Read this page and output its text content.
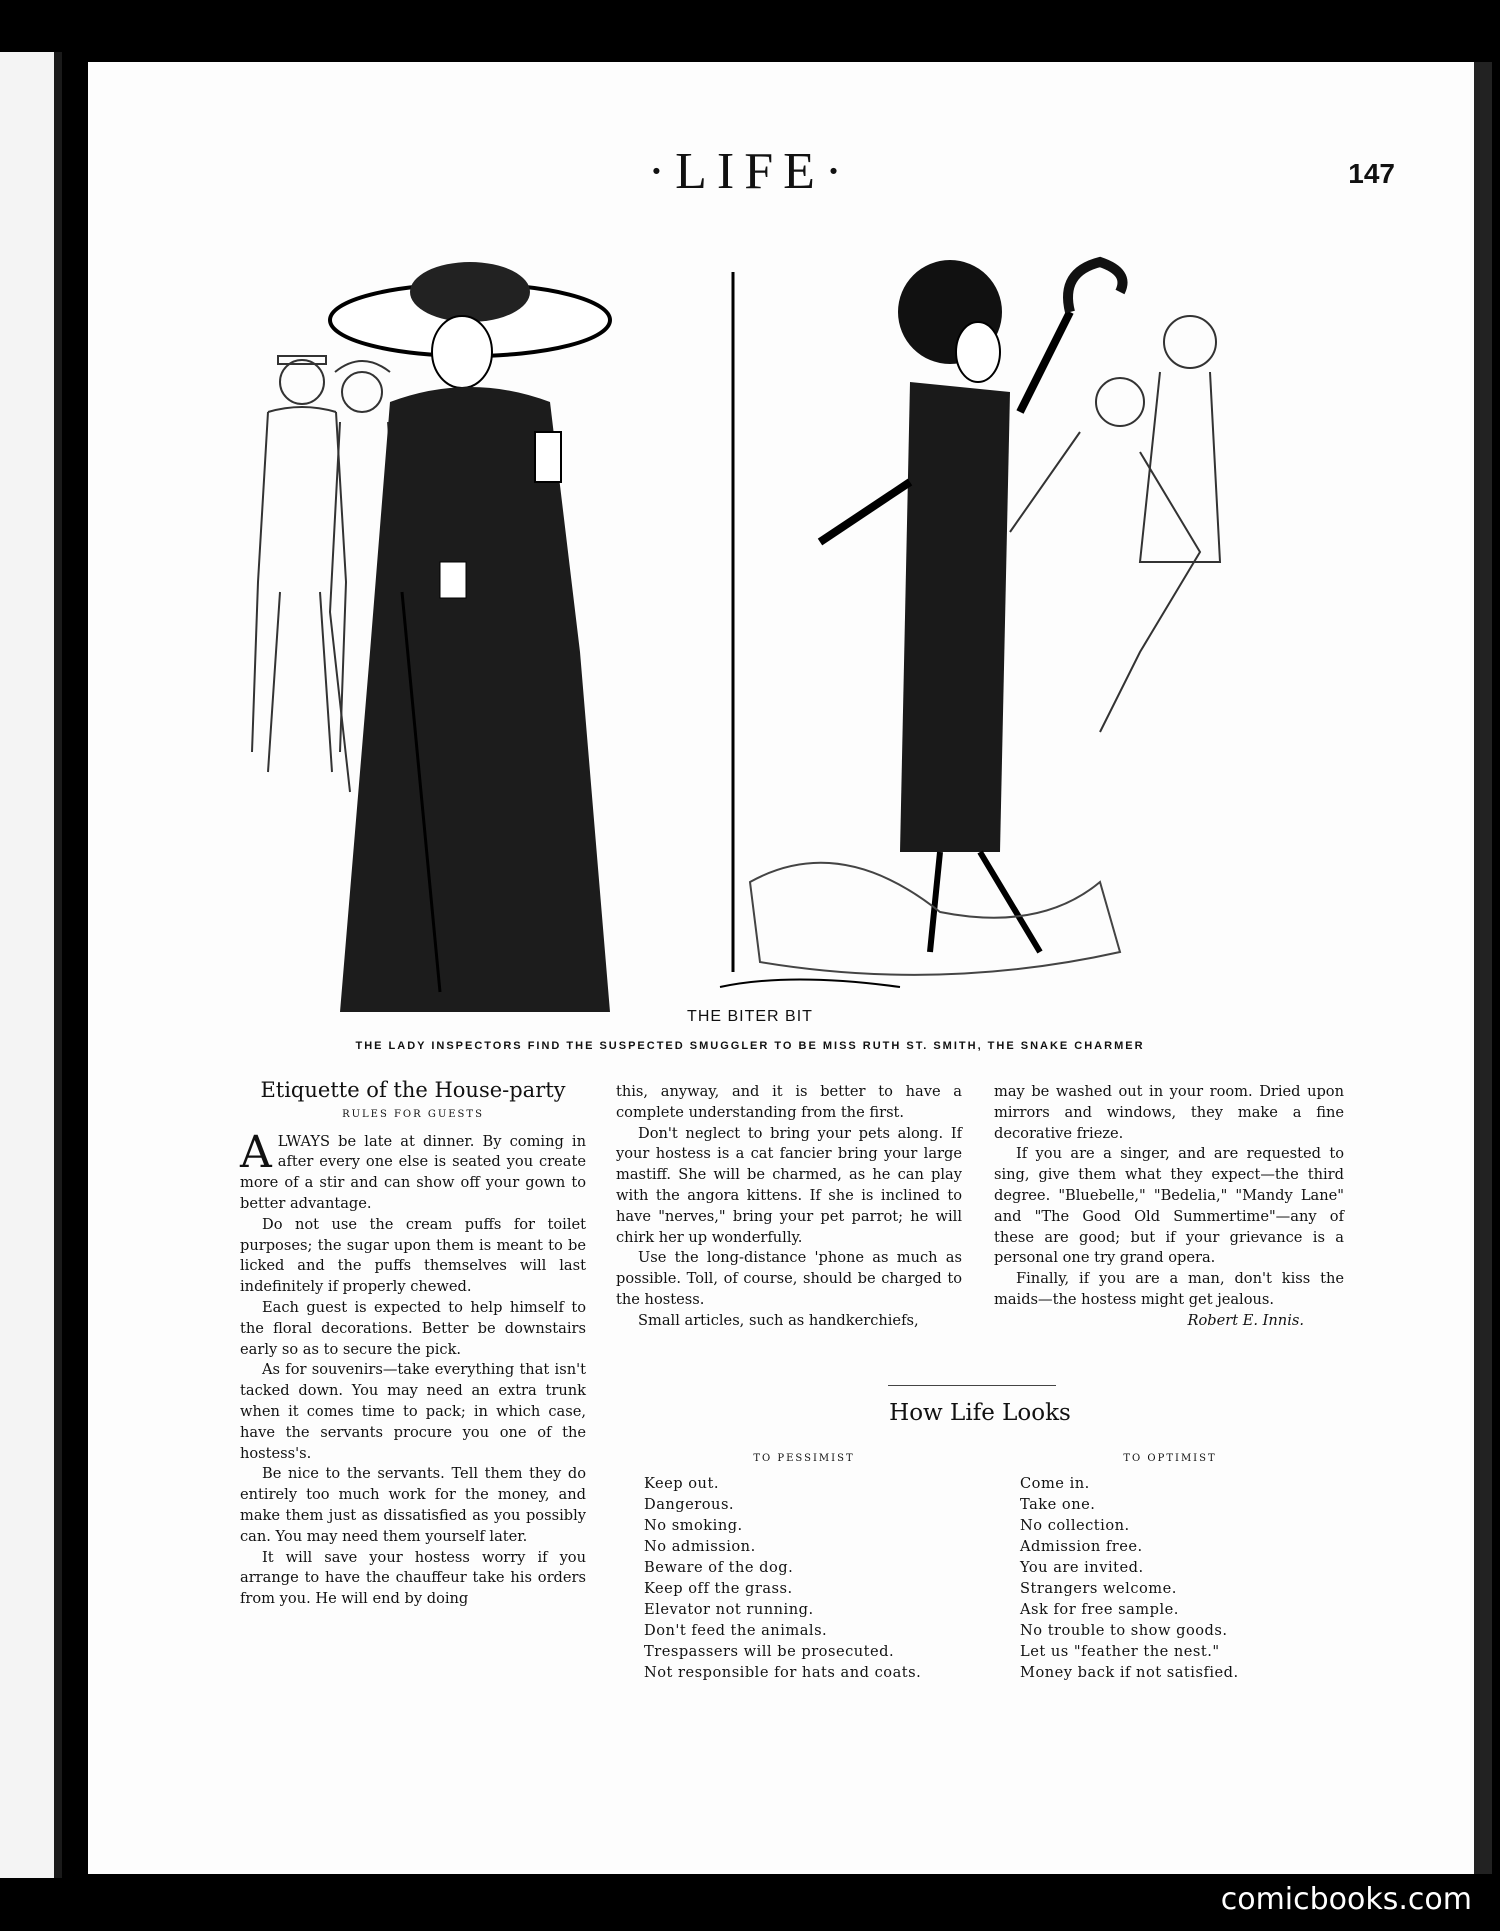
·LIFE·	147
THE BITER BIT
THE LADY INSPECTORS FIND THE SUSPECTED SMUGGLER TO BE MISS RUTH ST. SMITH, THE SNAKE CHARMER
Etiquette of the House-party
RULES FOR GUESTS

ALWAYS be late at dinner. By coming in after every one else is seated you create more of a stir and can show off your gown to better advantage.

Do not use the cream puffs for toilet purposes; the sugar upon them is meant to be licked and the puffs themselves will last indefinitely if properly chewed.

Each guest is expected to help himself to the floral decorations. Better be downstairs early so as to secure the pick.

As for souvenirs—take everything that isn't tacked down. You may need an extra trunk when it comes time to pack; in which case, have the servants procure you one of the hostess's.

Be nice to the servants. Tell them they do entirely too much work for the money, and make them just as dissatisfied as you possibly can. You may need them yourself later.

It will save your hostess worry if you arrange to have the chauffeur take his orders from you. He will end by doing

this, anyway, and it is better to have a complete understanding from the first.

Don't neglect to bring your pets along. If your hostess is a cat fancier bring your large mastiff. She will be charmed, as he can play with the angora kittens. If she is inclined to have "nerves," bring your pet parrot; he will chirk her up wonderfully.

Use the long-distance 'phone as much as possible. Toll, of course, should be charged to the hostess.

Small articles, such as handkerchiefs,

may be washed out in your room. Dried upon mirrors and windows, they make a fine decorative frieze.

If you are a singer, and are requested to sing, give them what they expect—the third degree. "Bluebelle," "Bedelia," "Mandy Lane" and "The Good Old Summertime"—any of these are good; but if your grievance is a personal one try grand opera.

Finally, if you are a man, don't kiss the maids—the hostess might get jealous.

Robert E. Innis.

How Life Looks
TO PESSIMIST
Keep out.
Dangerous.
No smoking.
No admission.
Beware of the dog.
Keep off the grass.
Elevator not running.
Don't feed the animals.
Trespassers will be prosecuted.
Not responsible for hats and coats.
TO OPTIMIST
Come in.
Take one.
No collection.
Admission free.
You are invited.
Strangers welcome.
Ask for free sample.
No trouble to show goods.
Let us "feather the nest."
Money back if not satisfied.
comicbooks.com
